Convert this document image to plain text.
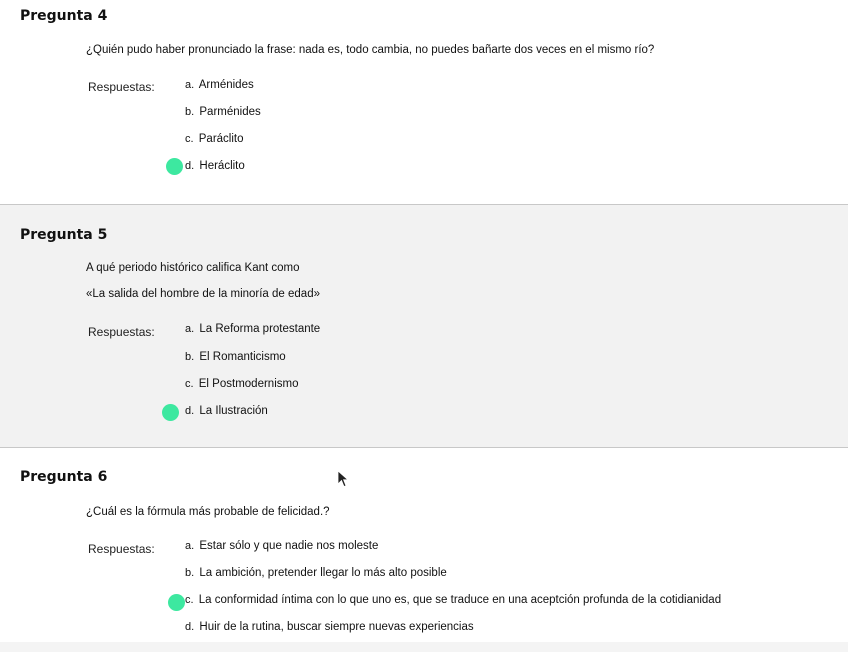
Pregunta 4
¿Quién pudo haber pronunciado la frase: nada es, todo cambia, no puedes bañarte dos veces en el mismo río?
Respuestas:	a. Arménides
b. Parménides
c. Paráclito
d. Heráclito
Pregunta 5
A qué periodo histórico califica Kant como
«La salida del hombre de la minoría de edad»
Respuestas:	a. La Reforma protestante
b. El Romanticismo
c. El Postmodernismo
d. La Ilustración
Pregunta 6
¿Cuál es la fórmula más probable de felicidad.?
Respuestas:	a. Estar sólo y que nadie nos moleste
b. La ambición, pretender llegar lo más alto posible
c. La conformidad íntima con lo que uno es, que se traduce en una aceptción profunda de la cotidianidad
d. Huir de la rutina, buscar siempre nuevas experiencias
